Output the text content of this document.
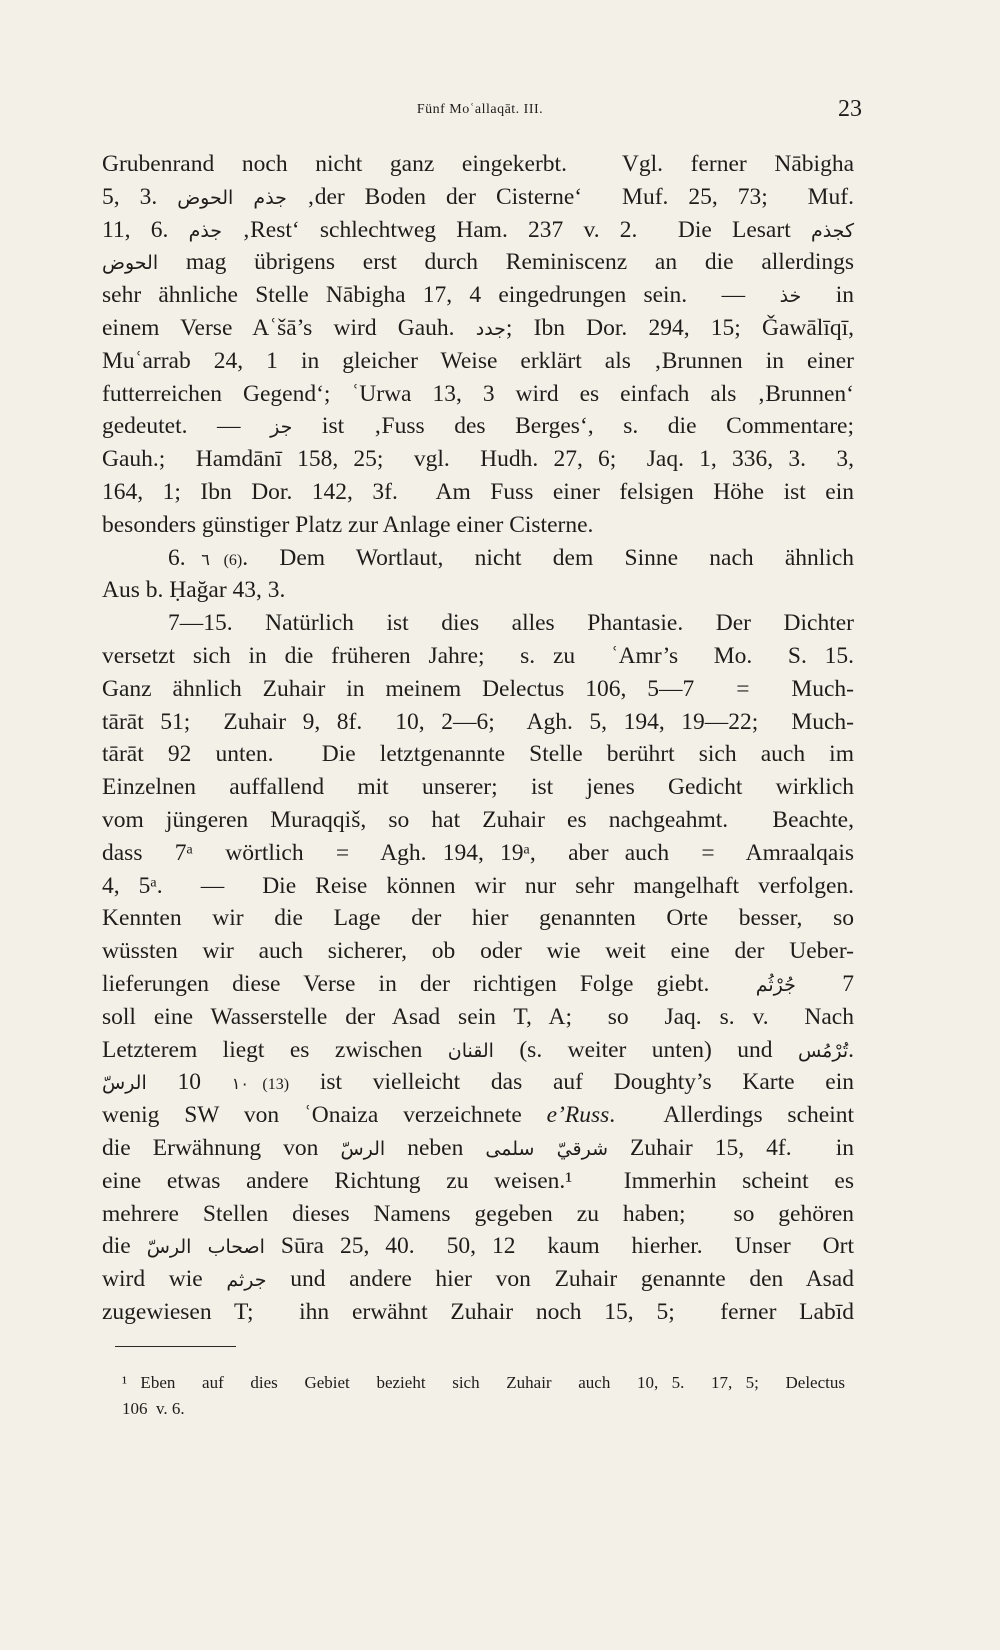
Fünf Moʿallaqāt. III.	23
Grubenrand noch nicht ganz eingekerbt.  Vgl. ferner Nābigha
5, 3. جذم الحوض ‚der Boden der Cisterne‘  Muf. 25, 73;  Muf.
11, 6. جذم ‚Rest‘ schlechtweg Ham. 237 v. 2.  Die Lesart كجذم
الحوض mag übrigens erst durch Reminiscenz an die allerdings
sehr ähnliche Stelle Nābigha 17, 4 eingedrungen sein.  —  خذ  in
einem Verse Aʿšā’s wird Gauh. جدد; Ibn Dor. 294, 15; Ǧawālīqī,
Muʿarrab 24, 1 in gleicher Weise erklärt als ‚Brunnen in einer
futterreichen Gegend‘; ʿUrwa 13, 3 wird es einfach als ‚Brunnen‘
gedeutet.  —  جز  ist  ‚Fuss  des  Berges‘,  s.  die  Commentare;
Gauh.;  Hamdānī 158, 25;  vgl.  Hudh. 27, 6;  Jaq. 1, 336, 3.  3,
164, 1; Ibn Dor. 142, 3f.  Am Fuss einer felsigen Höhe ist ein
besonders günstiger Platz zur Anlage einer Cisterne.
6. ٦ (6).  Dem  Wortlaut,  nicht  dem  Sinne  nach  ähnlich
Aus b. Ḥağar 43, 3.
7—15.  Natürlich  ist  dies  alles  Phantasie.  Der  Dichter
versetzt sich in die früheren Jahre;  s. zu  ʿAmr’s  Mo.  S. 15.
Ganz ähnlich Zuhair in meinem Delectus 106, 5—7  =  Much-
tārāt 51;  Zuhair 9, 8f.  10, 2—6;  Agh. 5, 194, 19—22;  Much-
tārāt 92 unten.  Die letztgenannte Stelle berührt sich auch im
Einzelnen  auffallend  mit  unserer;  ist  jenes  Gedicht  wirklich
vom jüngeren Muraqqiš, so hat Zuhair es nachgeahmt.  Beachte,
dass  7ᵃ  wörtlich  =  Agh. 194, 19ᵃ,  aber auch  =  Amraalqais
4, 5ᵃ.  —  Die Reise können wir nur sehr mangelhaft verfolgen.
Kennten  wir  die  Lage  der  hier  genannten  Orte  besser,  so
wüssten wir auch sicherer, ob oder wie weit eine der Ueber-
lieferungen diese Verse in der richtigen Folge giebt.  جُرْثُم  7
soll eine Wasserstelle der Asad sein T, A;  so  Jaq. s. v.  Nach
Letzterem liegt es zwischen القنان (s. weiter unten) und تُرْمُس.
الرسّ  10  ١٠ (13)  ist  vielleicht  das  auf  Doughty’s  Karte  ein
wenig SW von ʿOnaiza verzeichnete e’Russ.  Allerdings scheint
die Erwähnung von الرسّ neben شرقيّ سلمى Zuhair 15, 4f.  in
eine etwas andere Richtung zu weisen.¹  Immerhin scheint es
mehrere Stellen dieses Namens gegeben zu haben;  so gehören
die اصحاب الرسّ Sūra 25, 40.  50, 12  kaum  hierher.  Unser  Ort
wird wie جرثم und andere hier von Zuhair genannte den Asad
zugewiesen T;  ihn erwähnt Zuhair noch 15, 5;  ferner Labīd
¹ Eben  auf  dies  Gebiet  bezieht  sich  Zuhair  auch  10, 5.  17, 5;  Delectus
106  v. 6.
